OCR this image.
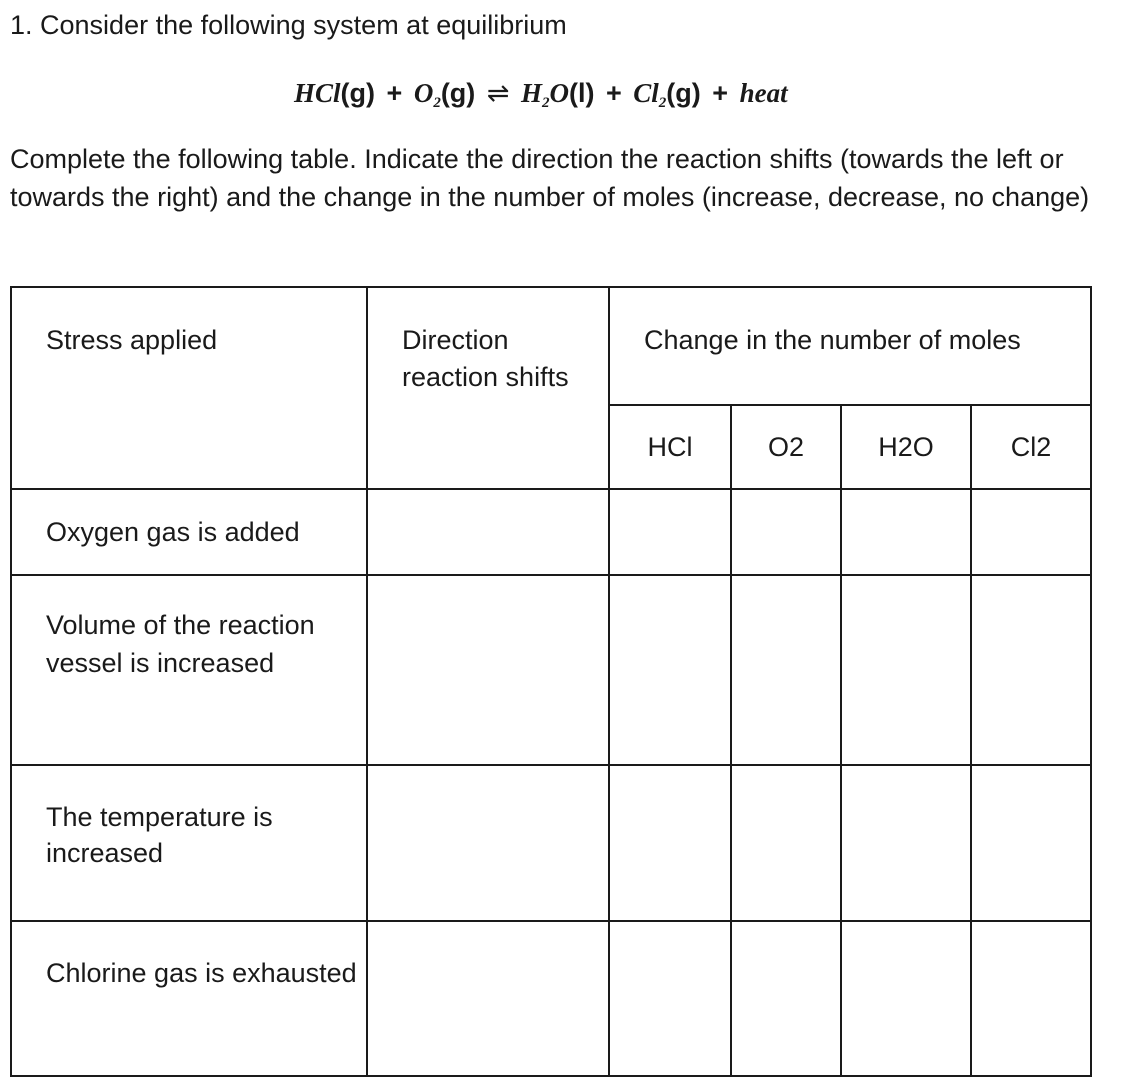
1. Consider the following system at equilibrium

$HCl(g) + O_2(g)$ ⇌ $H_2O(l) + Cl_2(g)$ + heat

Complete the following table. Indicate the direction the reaction shifts (towards the left or towards the right) and the change in the number of moles (increase, decrease, no change)

Stress applied	Direction reaction shifts	Change in the number of moles			
		HCl	O2	H2O	Cl2
Oxygen gas is added					
Volume of the reaction vessel is increased					
The temperature is increased					
Chlorine gas is exhausted					
